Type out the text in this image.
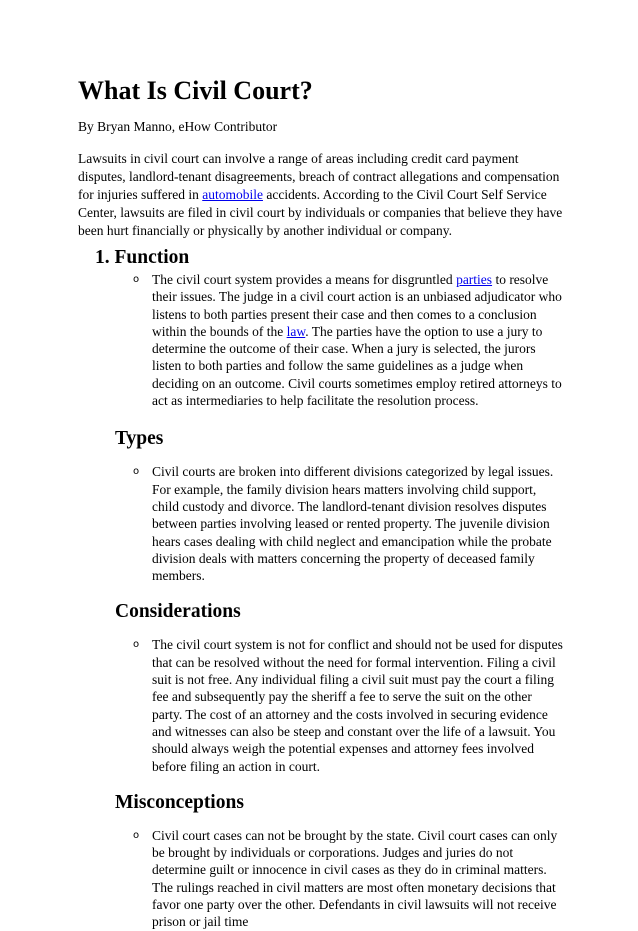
What Is Civil Court?

By Bryan Manno, eHow Contributor

Lawsuits in civil court can involve a range of areas including credit card payment disputes, landlord-tenant disagreements, breach of contract allegations and compensation for injuries suffered in automobile accidents. According to the Civil Court Self Service Center, lawsuits are filed in civil court by individuals or companies that believe they have been hurt financially or physically by another individual or company.

1. Function
o The civil court system provides a means for disgruntled parties to resolve their issues. The judge in a civil court action is an unbiased adjudicator who listens to both parties present their case and then comes to a conclusion within the bounds of the law. The parties have the option to use a jury to determine the outcome of their case. When a jury is selected, the jurors listen to both parties and follow the same guidelines as a judge when deciding on an outcome. Civil courts sometimes employ retired attorneys to act as intermediaries to help facilitate the resolution process.
Types
o Civil courts are broken into different divisions categorized by legal issues. For example, the family division hears matters involving child support, child custody and divorce. The landlord-tenant division resolves disputes between parties involving leased or rented property. The juvenile division hears cases dealing with child neglect and emancipation while the probate division deals with matters concerning the property of deceased family members.
Considerations
o The civil court system is not for conflict and should not be used for disputes that can be resolved without the need for formal intervention. Filing a civil suit is not free. Any individual filing a civil suit must pay the court a filing fee and subsequently pay the sheriff a fee to serve the suit on the other party. The cost of an attorney and the costs involved in securing evidence and witnesses can also be steep and constant over the life of a lawsuit. You should always weigh the potential expenses and attorney fees involved before filing an action in court.
Misconceptions
o Civil court cases can not be brought by the state. Civil court cases can only be brought by individuals or corporations. Judges and juries do not determine guilt or innocence in civil cases as they do in criminal matters. The rulings reached in civil matters are most often monetary decisions that favor one party over the other. Defendants in civil lawsuits will not receive prison or jail time
